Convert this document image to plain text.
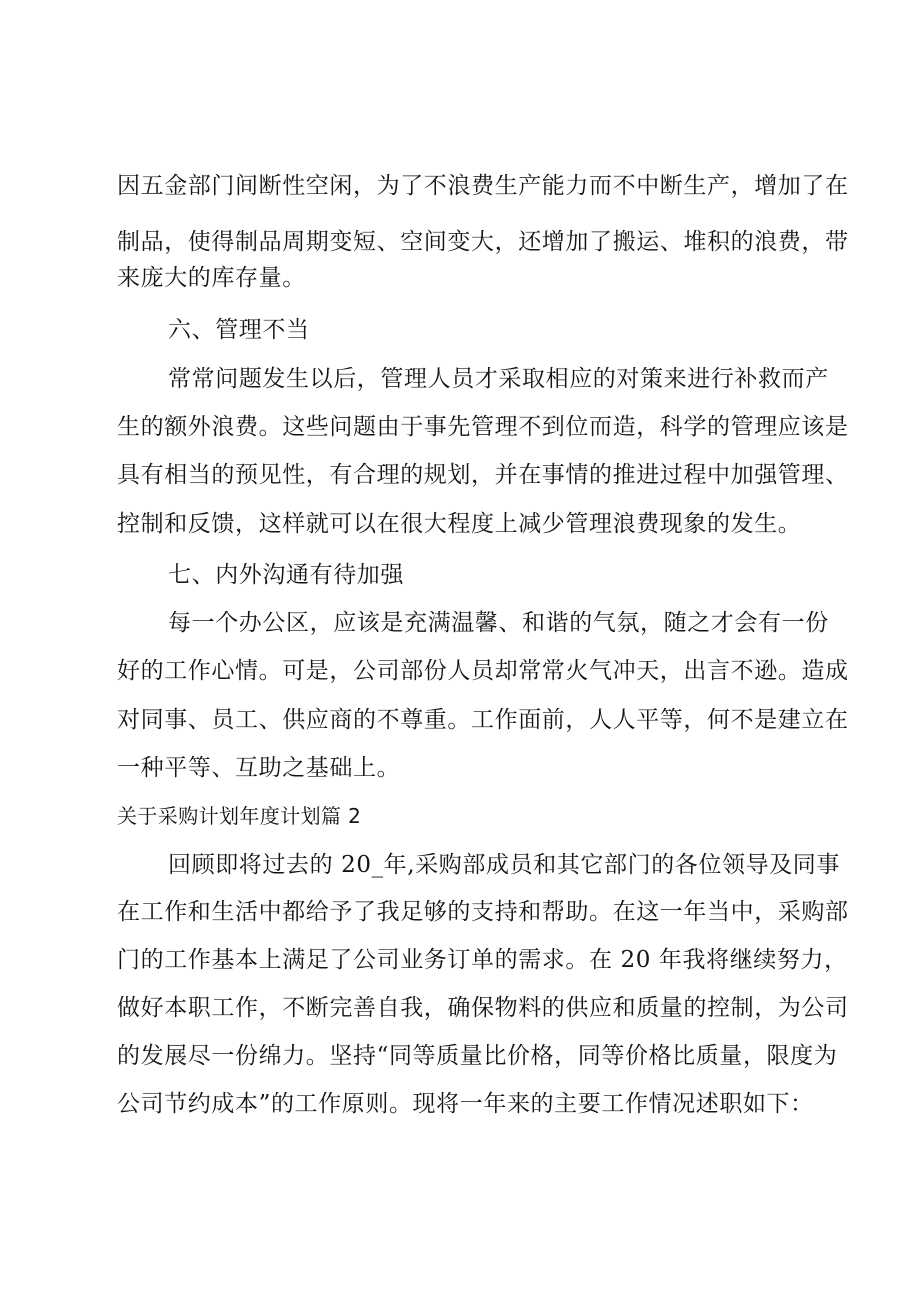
因五金部门间断性空闲，为了不浪费生产能力而不中断生产，增加了在
制品，使得制品周期变短、空间变大，还增加了搬运、堆积的浪费，带
来庞大的库存量。
六、管理不当
常常问题发生以后，管理人员才采取相应的对策来进行补救而产
生的额外浪费。这些问题由于事先管理不到位而造，科学的管理应该是
具有相当的预见性，有合理的规划，并在事情的推进过程中加强管理、
控制和反馈，这样就可以在很大程度上减少管理浪费现象的发生。
七、内外沟通有待加强
每一个办公区，应该是充满温馨、和谐的气氛，随之才会有一份
好的工作心情。可是，公司部份人员却常常火气冲天，出言不逊。造成
对同事、员工、供应商的不尊重。工作面前，人人平等，何不是建立在
一种平等、互助之基础上。
关于采购计划年度计划篇 2
回顾即将过去的 20_年,采购部成员和其它部门的各位领导及同事
在工作和生活中都给予了我足够的支持和帮助。在这一年当中，采购部
门的工作基本上满足了公司业务订单的需求。在 20 年我将继续努力，
做好本职工作，不断完善自我，确保物料的供应和质量的控制，为公司
的发展尽一份绵力。坚持“同等质量比价格，同等价格比质量，限度为
公司节约成本”的工作原则。现将一年来的主要工作情况述职如下：
